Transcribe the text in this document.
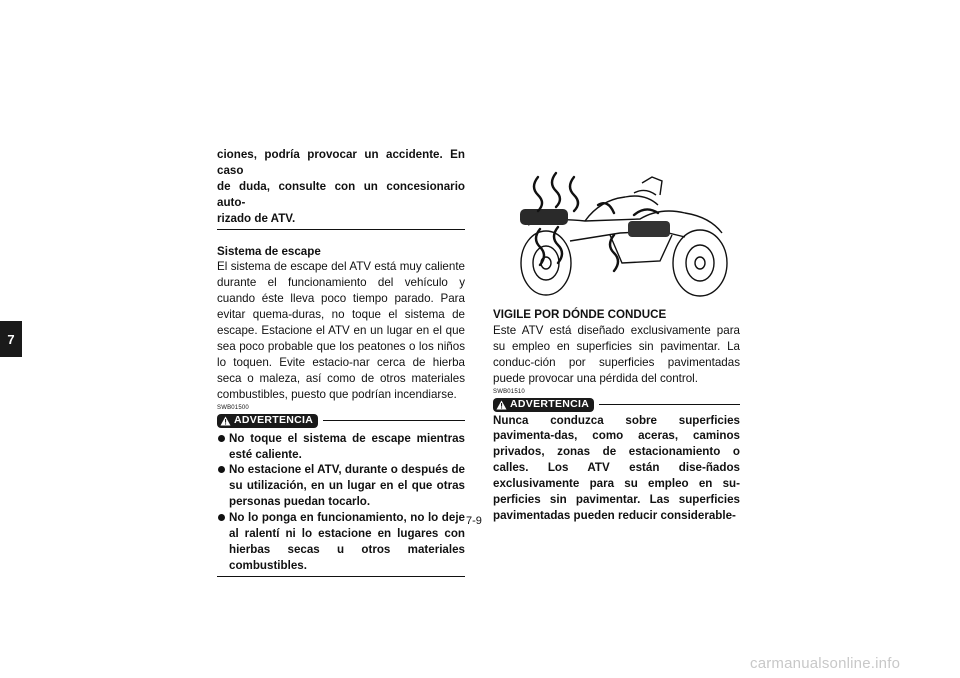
7
ciones, podría provocar un accidente. En caso
de duda, consulte con un concesionario auto-
rizado de ATV.
Sistema de escape
El sistema de escape del ATV está muy caliente durante el funcionamiento del vehículo y cuando éste lleva poco tiempo parado. Para evitar quema-duras, no toque el sistema de escape. Estacione el ATV en un lugar en el que sea poco probable que los peatones o los niños lo toquen. Evite estacio-nar cerca de hierba seca o maleza, así como de otros materiales combustibles, puesto que podrían incendiarse.
SWB01500
ADVERTENCIA
No toque el sistema de escape mientras esté caliente.
No estacione el ATV, durante o después de su utilización, en un lugar en el que otras personas puedan tocarlo.
No lo ponga en funcionamiento, no lo deje al ralentí ni lo estacione en lugares con hierbas secas u otros materiales combustibles.
VIGILE POR DÓNDE CONDUCE
Este ATV está diseñado exclusivamente para su empleo en superficies sin pavimentar. La conduc-ción por superficies pavimentadas puede provocar una pérdida del control.
SWB01510
ADVERTENCIA
Nunca conduzca sobre superficies pavimenta-das, como aceras, caminos privados, zonas de estacionamiento o calles. Los ATV están dise-ñados exclusivamente para su empleo en su-perficies sin pavimentar. Las superficies pavimentadas pueden reducir considerable-
7-9
carmanualsonline.info
